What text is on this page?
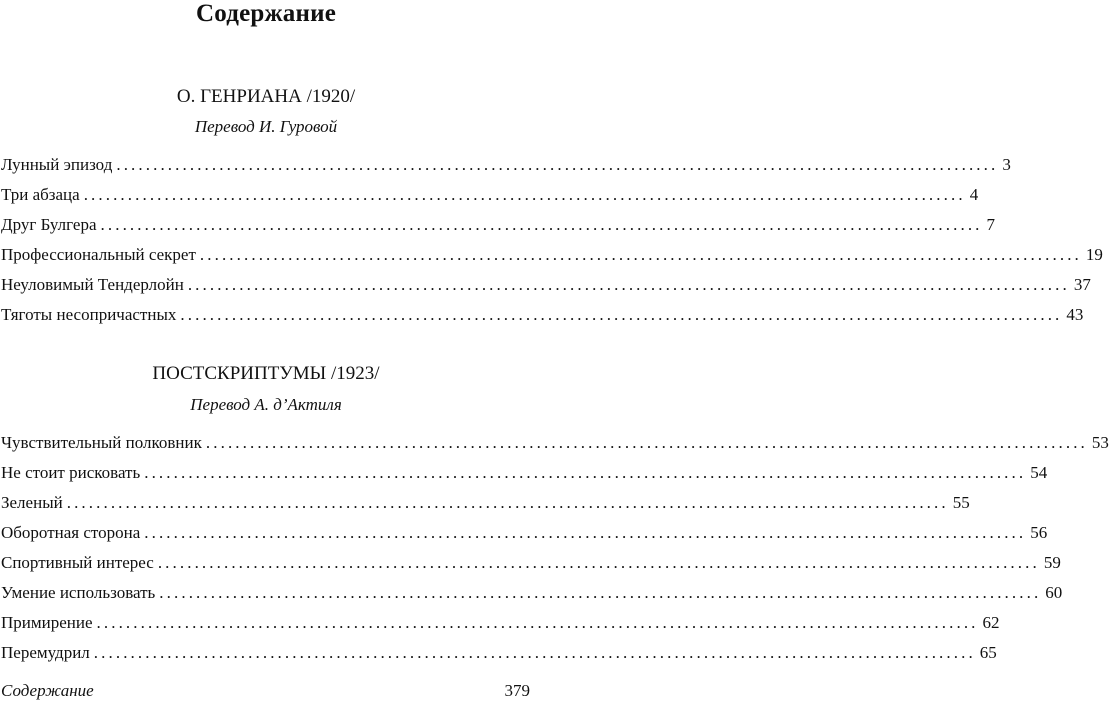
Содержание
О. ГЕНРИАНА /1920/
Перевод И. Гуровой
Лунный эпизод ........................................................................................................................ 3
Три абзаца ........................................................................................................................ 4
Друг Булгера ........................................................................................................................ 7
Профессиональный секрет ........................................................................................................................ 19
Неуловимый Тендерлойн ........................................................................................................................ 37
Тяготы несопричастных ........................................................................................................................ 43
ПОСТСКРИПТУМЫ /1923/
Перевод А. д’Актиля
Чувствительный полковник ........................................................................................................................ 53
Не стоит рисковать ........................................................................................................................ 54
Зеленый ........................................................................................................................ 55
Оборотная сторона ........................................................................................................................ 56
Спортивный интерес ........................................................................................................................ 59
Умение использовать ........................................................................................................................ 60
Примирение ........................................................................................................................ 62
Перемудрил ........................................................................................................................ 65
Содержание	379
